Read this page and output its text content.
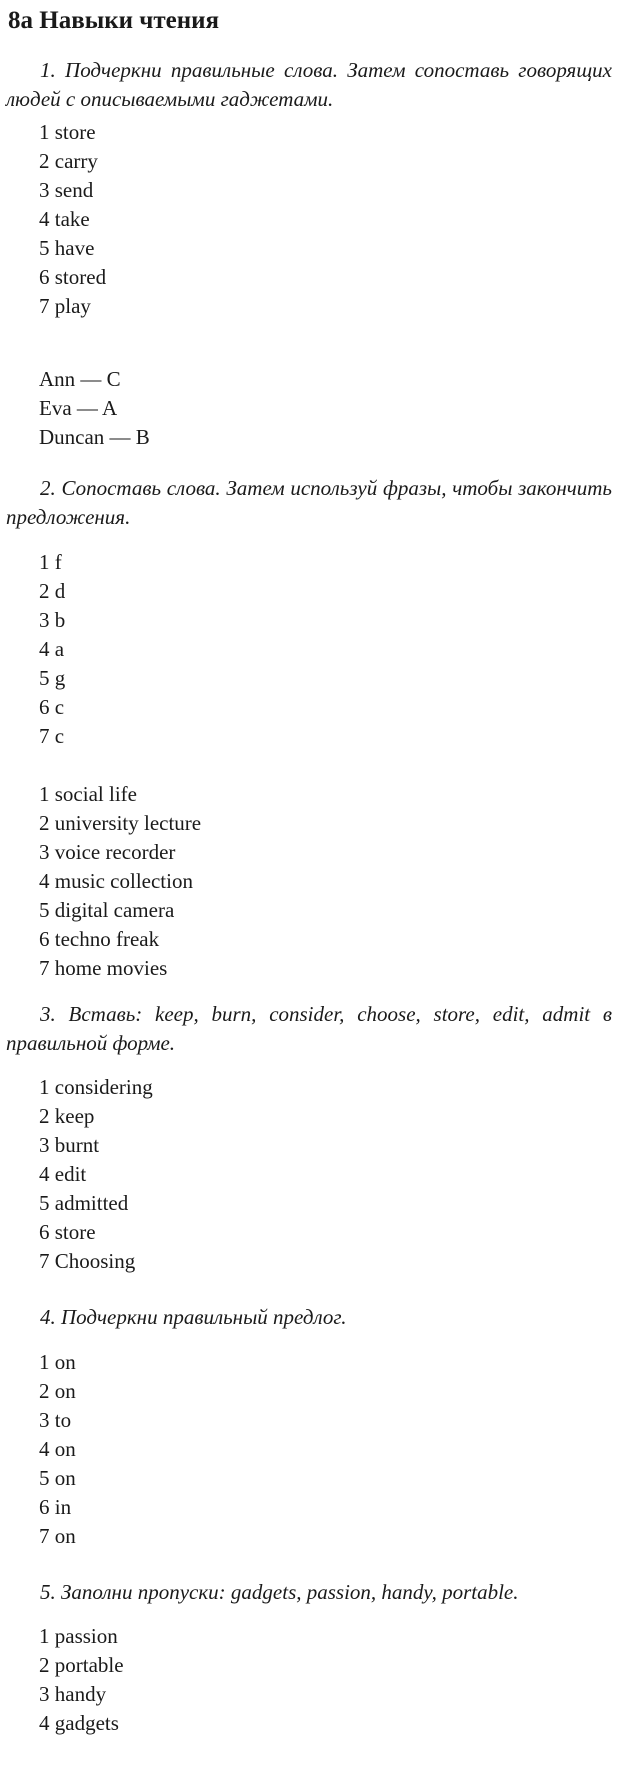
8a Навыки чтения

1. Подчеркни правильные слова. Затем сопоставь говорящих людей с описываемыми гаджетами.

1 store
2 carry
3 send
4 take
5 have
6 stored
7 play
Ann — C
Eva — A
Duncan — B

2. Сопоставь слова. Затем используй фразы, чтобы закончить предложения.

1 f
2 d
3 b
4 a
5 g
6 c
7 c
1 social life
2 university lecture
3 voice recorder
4 music collection
5 digital camera
6 techno freak
7 home movies

3. Вставь: keep, burn, consider, choose, store, edit, admit в правильной форме.

1 considering
2 keep
3 burnt
4 edit
5 admitted
6 store
7 Choosing

4. Подчеркни правильный предлог.

1 on
2 on
3 to
4 on
5 on
6 in
7 on

5. Заполни пропуски: gadgets, passion, handy, portable.

1 passion
2 portable
3 handy
4 gadgets
